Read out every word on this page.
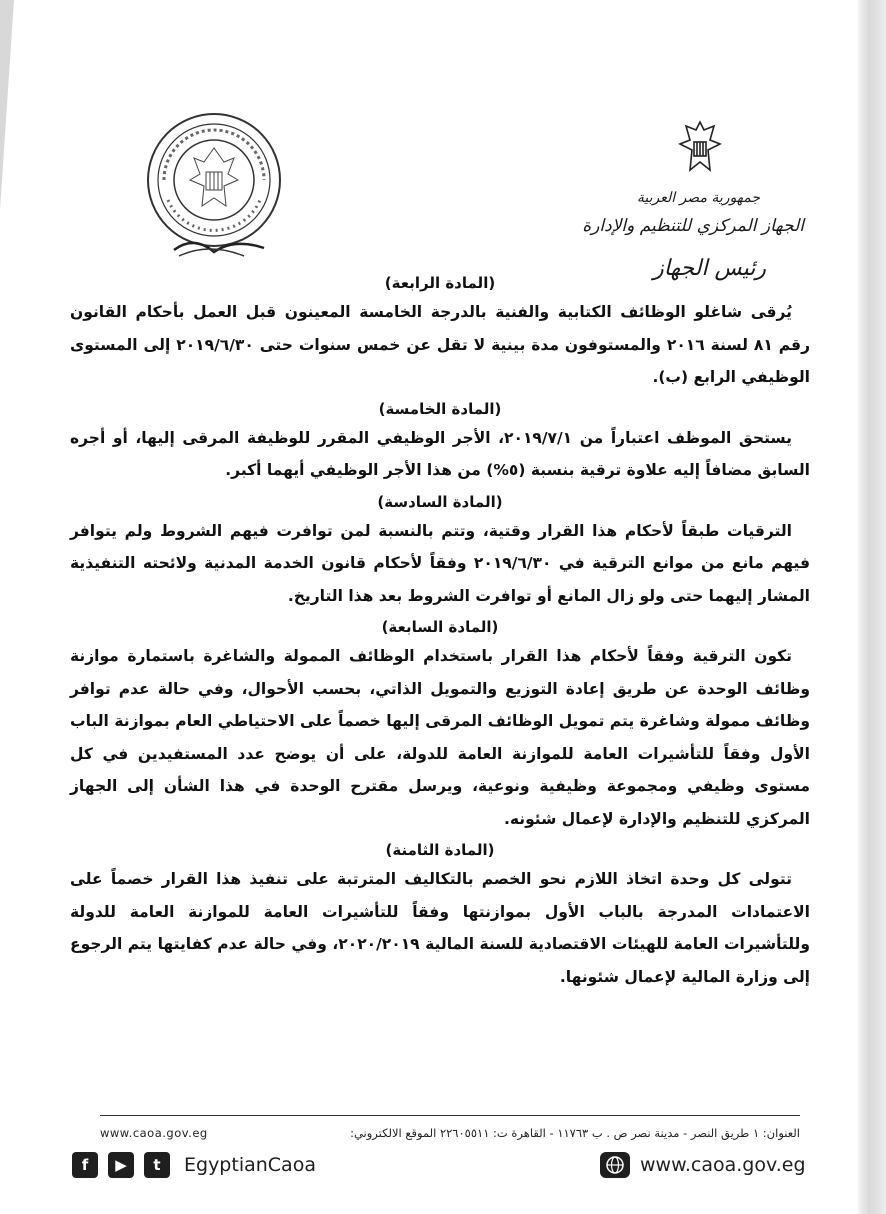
جمهورية مصر العربية
الجهاز المركزي للتنظيم والإدارة
رئيس الجهاز

(المادة الرابعة)

يُرقى شاغلو الوظائف الكتابية والفنية بالدرجة الخامسة المعينون قبل العمل بأحكام القانون رقم ٨١ لسنة ٢٠١٦ والمستوفون مدة بينية لا تقل عن خمس سنوات حتى ٢٠١٩/٦/٣٠ إلى المستوى الوظيفي الرابع (ب).

(المادة الخامسة)

يستحق الموظف اعتباراً من ٢٠١٩/٧/١، الأجر الوظيفي المقرر للوظيفة المرقى إليها، أو أجره السابق مضافاً إليه علاوة ترقية بنسبة (٥%) من هذا الأجر الوظيفي أيهما أكبر.

(المادة السادسة)

الترقيات طبقاً لأحكام هذا القرار وقتية، وتتم بالنسبة لمن توافرت فيهم الشروط ولم يتوافر فيهم مانع من موانع الترقية في ٢٠١٩/٦/٣٠ وفقاً لأحكام قانون الخدمة المدنية ولائحته التنفيذية المشار إليهما حتى ولو زال المانع أو توافرت الشروط بعد هذا التاريخ.

(المادة السابعة)

تكون الترقية وفقاً لأحكام هذا القرار باستخدام الوظائف الممولة والشاغرة باستمارة موازنة وظائف الوحدة عن طريق إعادة التوزيع والتمويل الذاتي، بحسب الأحوال، وفي حالة عدم توافر وظائف ممولة وشاغرة يتم تمويل الوظائف المرقى إليها خصماً على الاحتياطي العام بموازنة الباب الأول وفقاً للتأشيرات العامة للموازنة العامة للدولة، على أن يوضح عدد المستفيدين في كل مستوى وظيفي ومجموعة وظيفية ونوعية، ويرسل مقترح الوحدة في هذا الشأن إلى الجهاز المركزي للتنظيم والإدارة لإعمال شئونه.

(المادة الثامنة)

تتولى كل وحدة اتخاذ اللازم نحو الخصم بالتكاليف المترتبة على تنفيذ هذا القرار خصماً على الاعتمادات المدرجة بالباب الأول بموازنتها وفقاً للتأشيرات العامة للموازنة العامة للدولة وللتأشيرات العامة للهيئات الاقتصادية للسنة المالية ٢٠٢٠/٢٠١٩، وفي حالة عدم كفايتها يتم الرجوع إلى وزارة المالية لإعمال شئونها.

العنوان: ١ طريق النصر - مدينة نصر ص . ب ١١٧٦٣ - القاهرة ت: ٢٢٦٠٥٥١١ الموقع الالكتروني:
www.caoa.gov.eg
f	▶	t	EgyptianCaoa	www.caoa.gov.eg
